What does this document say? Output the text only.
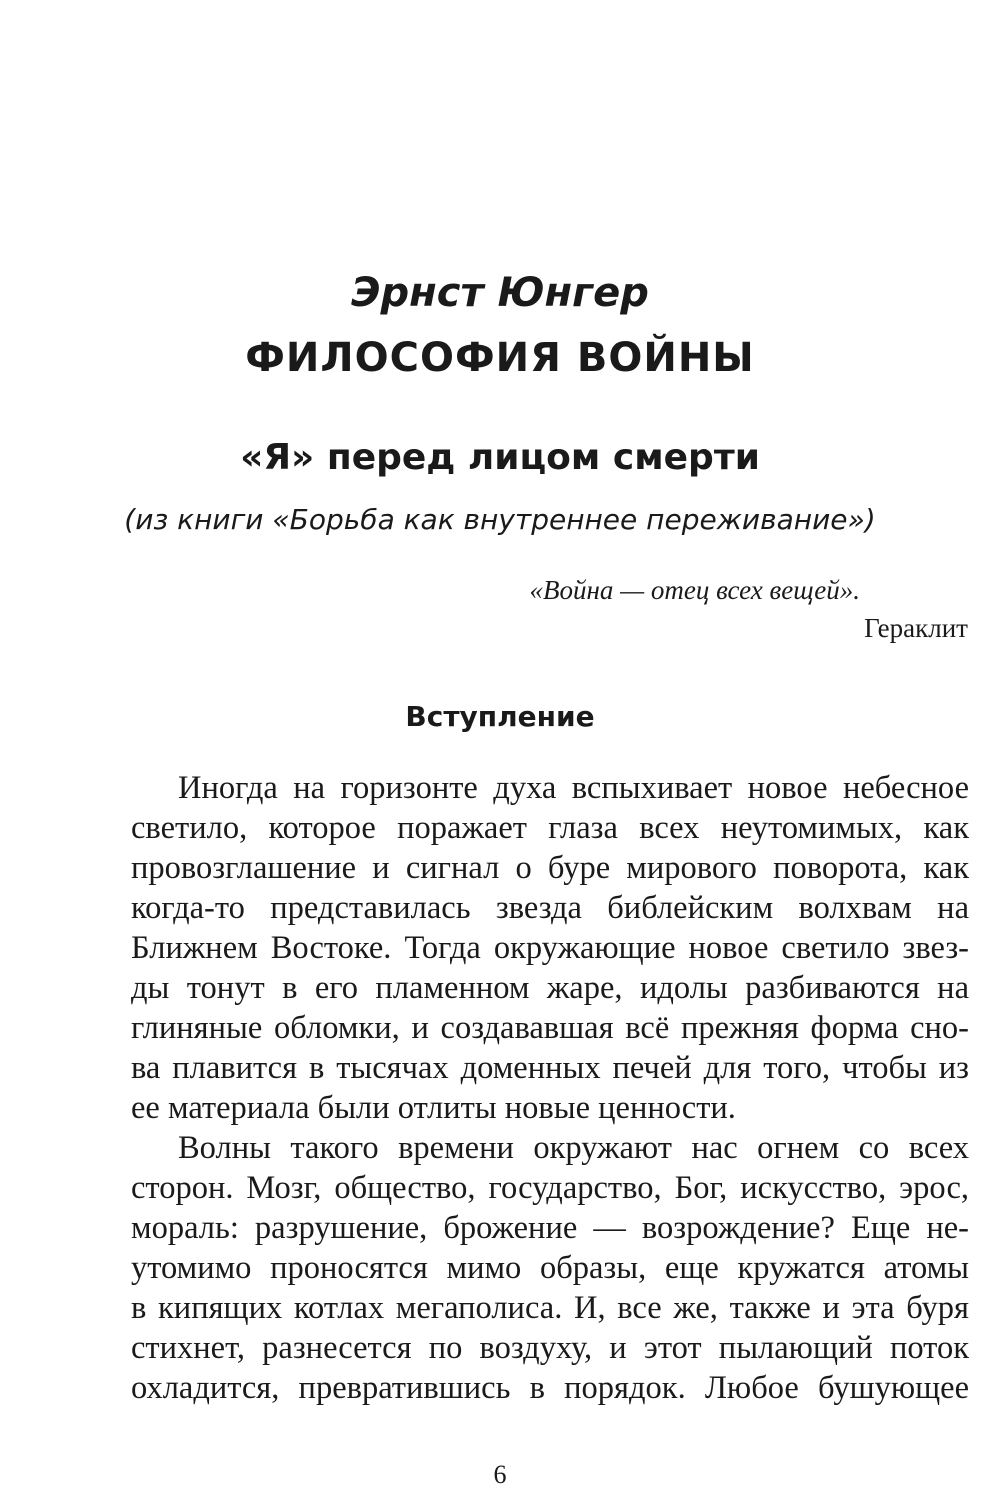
Эрнст Юнгер
ФИЛОСОФИЯ ВОЙНЫ
«Я» перед лицом смерти
(из книги «Борьба как внутреннее переживание»)
«Война — отец всех вещей».
Гераклит
Вступление
Иногда на горизонте духа вспыхивает новое небесное
светило, которое поражает глаза всех неутомимых, как
провозглашение и сигнал о буре мирового поворота, как
когда-то представилась звезда библейским волхвам на
Ближнем Востоке. Тогда окружающие новое светило звез-
ды тонут в его пламенном жаре, идолы разбиваются на
глиняные обломки, и создававшая всё прежняя форма сно-
ва плавится в тысячах доменных печей для того, чтобы из
ее материала были отлиты новые ценности.
Волны такого времени окружают нас огнем со всех
сторон. Мозг, общество, государство, Бог, искусство, эрос,
мораль: разрушение, брожение — возрождение? Еще не-
утомимо проносятся мимо образы, еще кружатся атомы
в кипящих котлах мегаполиса. И, все же, также и эта буря
стихнет, разнесется по воздуху, и этот пылающий поток
охладится, превратившись в порядок. Любое бушующее
6
